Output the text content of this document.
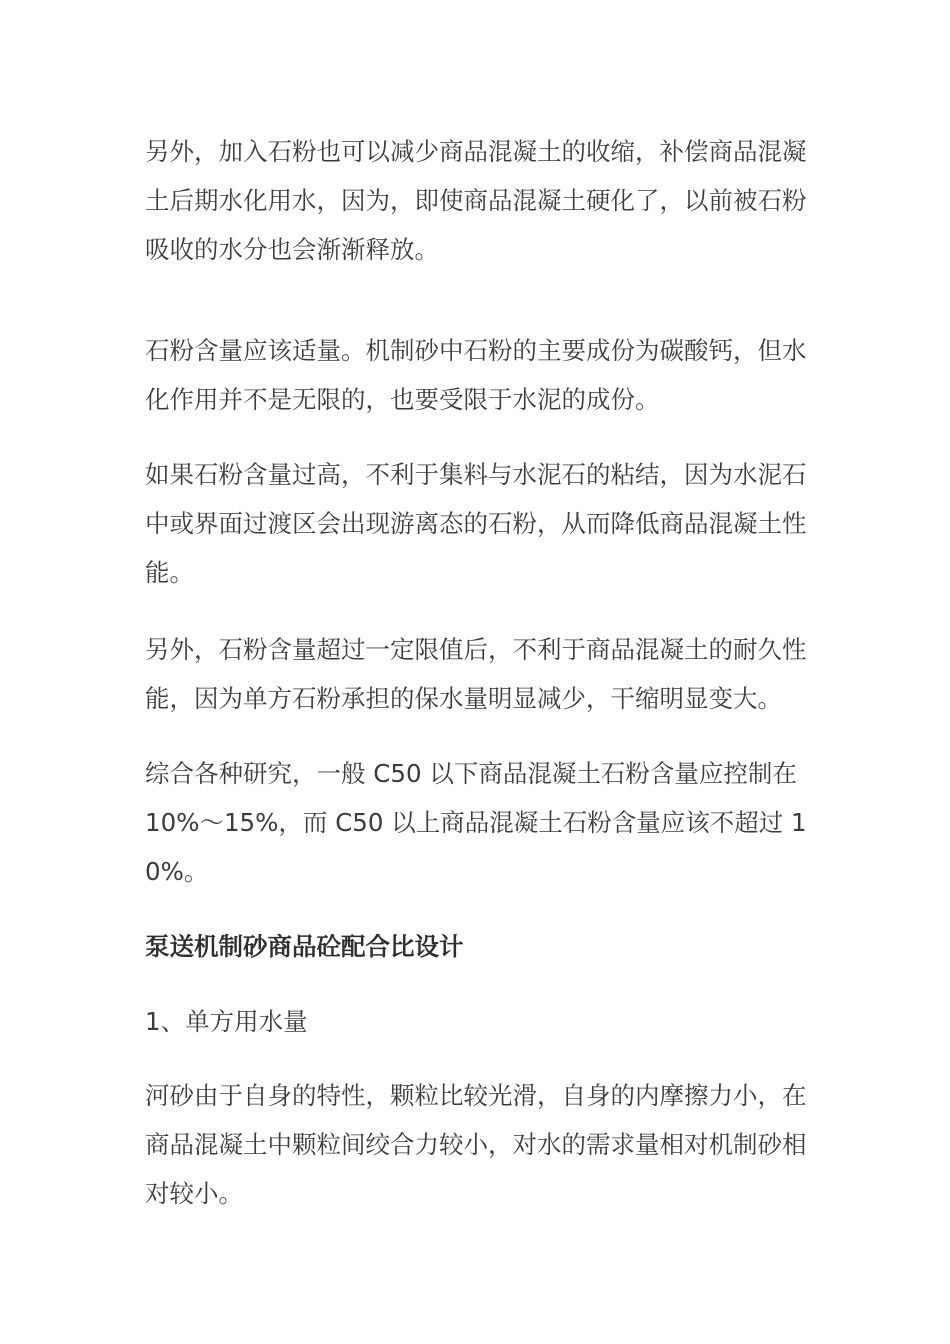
另外，加入石粉也可以减少商品混凝土的收缩，补偿商品混凝土后期水化用水，因为，即使商品混凝土硬化了，以前被石粉吸收的水分也会渐渐释放。

石粉含量应该适量。机制砂中石粉的主要成份为碳酸钙，但水化作用并不是无限的，也要受限于水泥的成份。

如果石粉含量过高，不利于集料与水泥石的粘结，因为水泥石中或界面过渡区会出现游离态的石粉，从而降低商品混凝土性能。

另外，石粉含量超过一定限值后，不利于商品混凝土的耐久性能，因为单方石粉承担的保水量明显减少，干缩明显变大。

综合各种研究，一般 C50 以下商品混凝土石粉含量应控制在 10%～15%，而 C50 以上商品混凝土石粉含量应该不超过 10%。

泵送机制砂商品砼配合比设计

1、单方用水量

河砂由于自身的特性，颗粒比较光滑，自身的内摩擦力小，在商品混凝土中颗粒间绞合力较小，对水的需求量相对机制砂相对较小。
